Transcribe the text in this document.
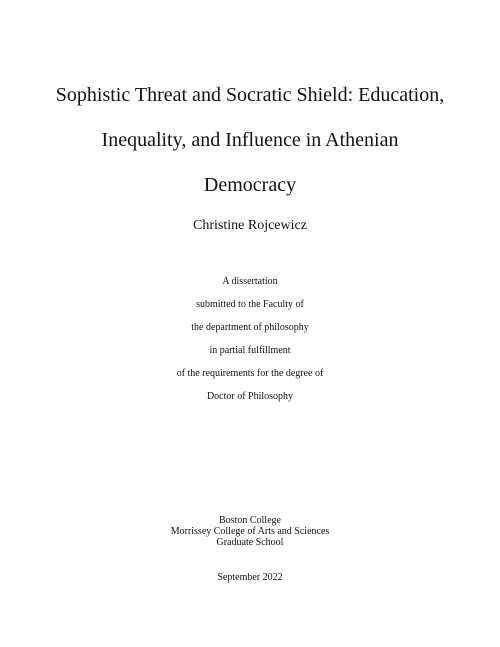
Sophistic Threat and Socratic Shield: Education,
Inequality, and Influence in Athenian
Democracy
Christine Rojcewicz
A dissertation
submitted to the Faculty of
the department of philosophy
in partial fulfillment
of the requirements for the degree of
Doctor of Philosophy
Boston College
Morrissey College of Arts and Sciences
Graduate School
September 2022
